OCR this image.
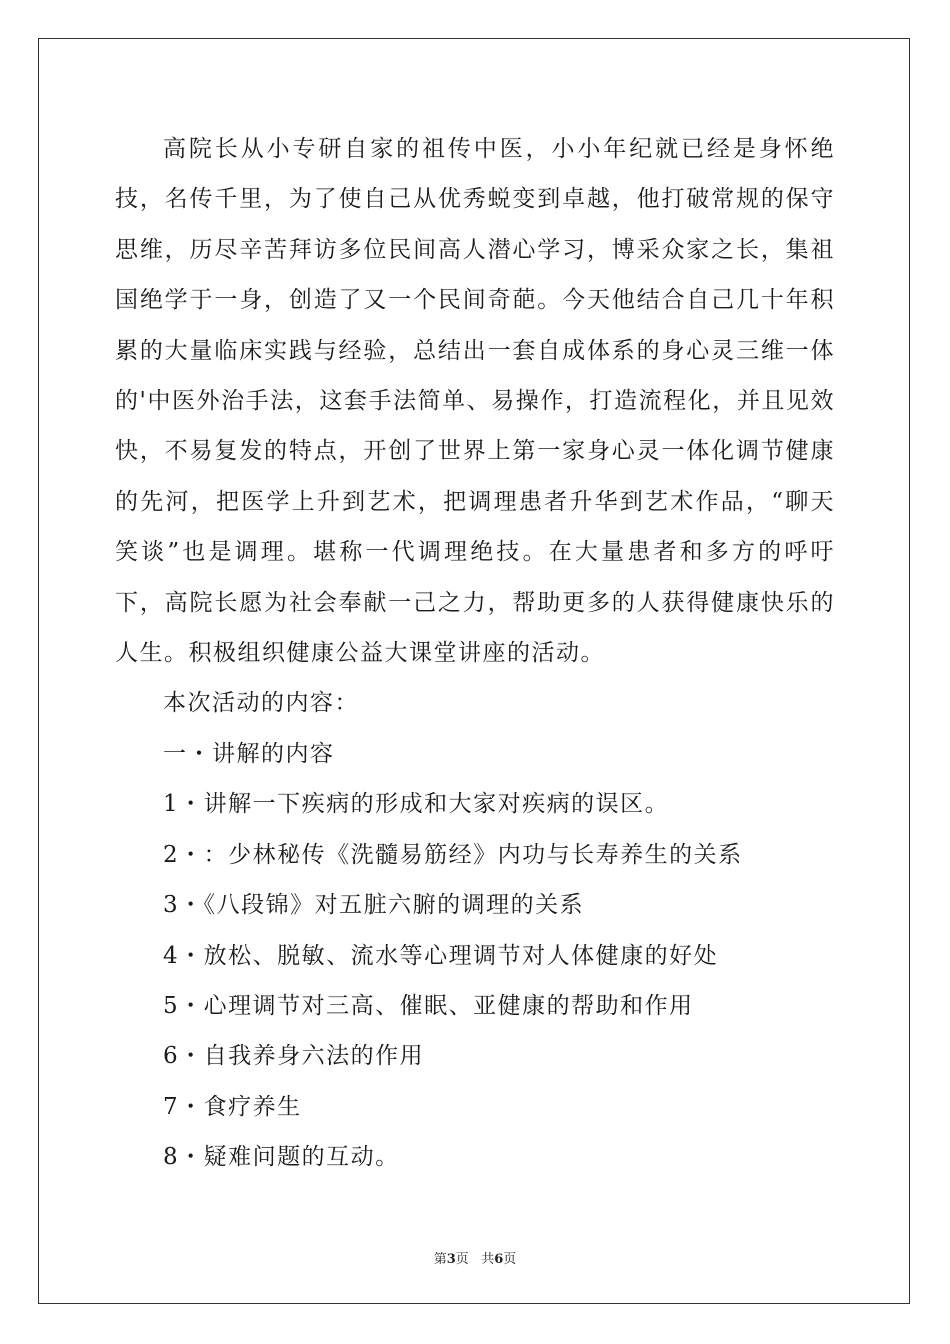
高院长从小专研自家的祖传中医，小小年纪就已经是身怀绝技，名传千里，为了使自己从优秀蜕变到卓越，他打破常规的保守思维，历尽辛苦拜访多位民间高人潜心学习，博采众家之长，集祖国绝学于一身，创造了又一个民间奇葩。今天他结合自己几十年积累的大量临床实践与经验，总结出一套自成体系的身心灵三维一体的'中医外治手法，这套手法简单、易操作，打造流程化，并且见效快，不易复发的特点，开创了世界上第一家身心灵一体化调节健康的先河，把医学上升到艺术，把调理患者升华到艺术作品，“聊天笑谈”也是调理。堪称一代调理绝技。在大量患者和多方的呼吁下，高院长愿为社会奉献一己之力，帮助更多的人获得健康快乐的人生。积极组织健康公益大课堂讲座的活动。

本次活动的内容：

一・讲解的内容

1・讲解一下疾病的形成和大家对疾病的误区。

2・：少林秘传《洗髓易筋经》内功与长寿养生的关系

3・《八段锦》对五脏六腑的调理的关系

4・放松、脱敏、流水等心理调节对人体健康的好处

5・心理调节对三高、催眠、亚健康的帮助和作用

6・自我养身六法的作用

7・食疗养生

8・疑难问题的互动。

第3页 共6页
